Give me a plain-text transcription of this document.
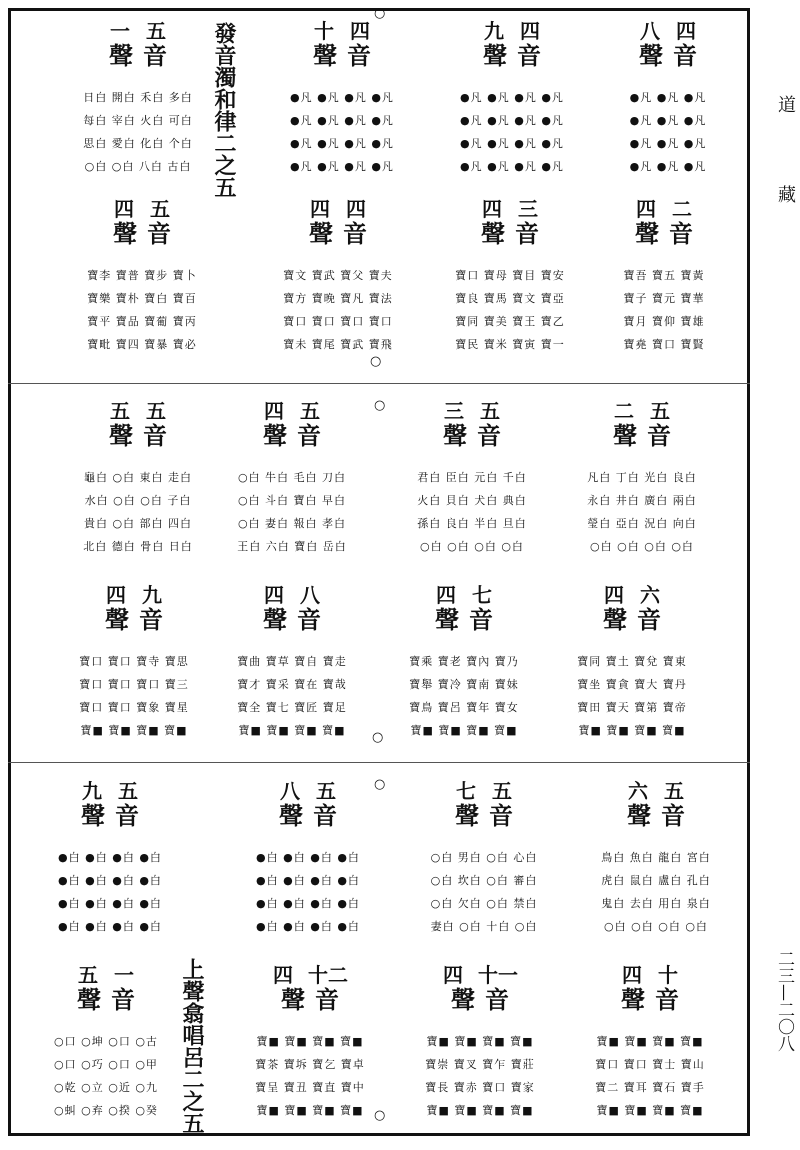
道
藏
二三—二〇八
○
○
○
○
○
○
發音濁和律二之五
上聲翕唱呂二之五
一 五
聲 音
日白 開白 禾白 多白
每白 宰白 火白 可白
思白 愛白 化白 个白
○白 ○白 八白 古白
十 四
聲 音
●凡 ●凡 ●凡 ●凡
●凡 ●凡 ●凡 ●凡
●凡 ●凡 ●凡 ●凡
●凡 ●凡 ●凡 ●凡
九 四
聲 音
●凡 ●凡 ●凡 ●凡
●凡 ●凡 ●凡 ●凡
●凡 ●凡 ●凡 ●凡
●凡 ●凡 ●凡 ●凡
八 四
聲 音
●凡 ●凡 ●凡
●凡 ●凡 ●凡
●凡 ●凡 ●凡
●凡 ●凡 ●凡
四 五
聲 音
寶李 寶普 寶步 寶卜
寶樂 寶朴 寶白 寶百
寶平 寶品 寶葡 寶丙
寶毗 寶四 寶暴 寶必
四 四
聲 音
寶文 寶武 寶父 寶夫
寶方 寶晚 寶凡 寶法
寶口 寶口 寶口 寶口
寶未 寶尾 寶武 寶飛
四 三
聲 音
寶口 寶母 寶目 寶安
寶良 寶馬 寶文 寶亞
寶同 寶美 寶王 寶乙
寶民 寶米 寶寅 寶一
四 二
聲 音
寶吾 寶五 寶黃
寶子 寶元 寶華
寶月 寶仰 寶雄
寶堯 寶口 寶賢
五 五
聲 音
龜白 ○白 東白 走白
水白 ○白 ○白 子白
貴白 ○白 部白 四白
北白 德白 骨白 日白
四 五
聲 音
○白 牛白 毛白 刀白
○白 斗白 寶白 早白
○白 妻白 報白 孝白
王白 六白 寶白 岳白
三 五
聲 音
君白 臣白 元白 千白
火白 貝白 犬白 典白
孫白 良白 半白 旦白
○白 ○白 ○白 ○白
二 五
聲 音
凡白 丁白 光白 良白
永白 井白 廣白 兩白
瑩白 亞白 況白 向白
○白 ○白 ○白 ○白
四 九
聲 音
寶口 寶口 寶寺 寶思
寶口 寶口 寶口 寶三
寶口 寶口 寶象 寶星
寶■ 寶■ 寶■ 寶■
四 八
聲 音
寶曲 寶草 寶自 寶走
寶才 寶采 寶在 寶哉
寶全 寶七 寶匠 寶足
寶■ 寶■ 寶■ 寶■
四 七
聲 音
寶乘 寶老 寶內 寶乃
寶舉 寶冷 寶南 寶妹
寶鳥 寶呂 寶年 寶女
寶■ 寶■ 寶■ 寶■
四 六
聲 音
寶同 寶土 寶兌 寶東
寶坐 寶貪 寶大 寶丹
寶田 寶天 寶第 寶帝
寶■ 寶■ 寶■ 寶■
九 五
聲 音
●白 ●白 ●白 ●白
●白 ●白 ●白 ●白
●白 ●白 ●白 ●白
●白 ●白 ●白 ●白
八 五
聲 音
●白 ●白 ●白 ●白
●白 ●白 ●白 ●白
●白 ●白 ●白 ●白
●白 ●白 ●白 ●白
七 五
聲 音
○白 男白 ○白 心白
○白 坎白 ○白 審白
○白 欠白 ○白 禁白
妻白 ○白 十白 ○白
六 五
聲 音
鳥白 魚白 龍白 宮白
虎白 鼠白 盧白 孔白
鬼白 去白 用白 泉白
○白 ○白 ○白 ○白
五 一
聲 音
○口 ○坤 ○口 ○古
○口 ○巧 ○口 ○甲
○乾 ○立 ○近 ○九
○虯 ○弃 ○揆 ○癸
四 十二
聲 音
寶■ 寶■ 寶■ 寶■
寶茶 寶坼 寶乞 寶卓
寶呈 寶丑 寶直 寶中
寶■ 寶■ 寶■ 寶■
四 十一
聲 音
寶■ 寶■ 寶■ 寶■
寶崇 寶叉 寶乍 寶莊
寶長 寶赤 寶口 寶家
寶■ 寶■ 寶■ 寶■
四 十
聲 音
寶■ 寶■ 寶■ 寶■
寶口 寶口 寶士 寶山
寶二 寶耳 寶石 寶手
寶■ 寶■ 寶■ 寶■
